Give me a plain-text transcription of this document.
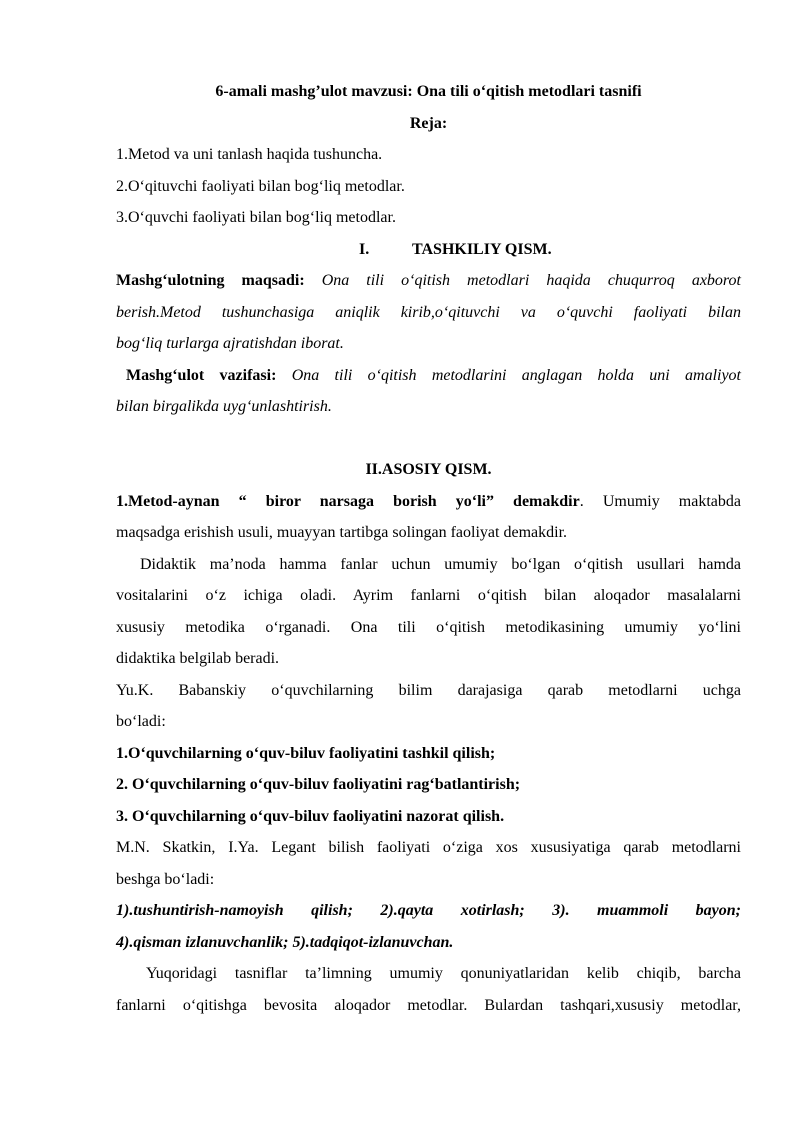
6-amali mashg’ulot mavzusi: Ona tili o‘qitish metodlari tasnifi
Reja:
1.Metod va uni tanlash haqida tushuncha.
2.O‘qituvchi faoliyati bilan bog‘liq metodlar.
3.O‘quvchi faoliyati bilan bog‘liq metodlar.
I.	TASHKILIY QISM.
Mashg‘ulotning maqsadi: Ona tili o‘qitish metodlari haqida chuqurroq axborot
berish.Metod tushunchasiga aniqlik kirib,o‘qituvchi va o‘quvchi faoliyati bilan
bog‘liq turlarga ajratishdan iborat.
Mashg‘ulot vazifasi: Ona tili o‘qitish metodlarini anglagan holda uni amaliyot
bilan birgalikda uyg‘unlashtirish.
II.ASOSIY QISM.
1.Metod-aynan “ biror narsaga borish yo‘li” demakdir. Umumiy maktabda
maqsadga erishish usuli, muayyan tartibga solingan faoliyat demakdir.
Didaktik ma’noda hamma fanlar uchun umumiy bo‘lgan o‘qitish usullari hamda
vositalarini o‘z ichiga oladi. Ayrim fanlarni o‘qitish bilan aloqador masalalarni
xususiy metodika o‘rganadi. Ona tili o‘qitish metodikasining umumiy yo‘lini
didaktika belgilab beradi.
Yu.K. Babanskiy o‘quvchilarning bilim darajasiga qarab metodlarni uchga
bo‘ladi:
1.O‘quvchilarning o‘quv-biluv faoliyatini tashkil qilish;
2. O‘quvchilarning o‘quv-biluv faoliyatini rag‘batlantirish;
3. O‘quvchilarning o‘quv-biluv faoliyatini nazorat qilish.
M.N. Skatkin, I.Ya. Legant bilish faoliyati o‘ziga xos xususiyatiga qarab metodlarni
beshga bo‘ladi:
1).tushuntirish-namoyish qilish; 2).qayta xotirlash; 3). muammoli bayon;
4).qisman izlanuvchanlik; 5).tadqiqot-izlanuvchan.
Yuqoridagi tasniflar ta’limning umumiy qonuniyatlaridan kelib chiqib, barcha
fanlarni o‘qitishga bevosita aloqador metodlar. Bulardan tashqari,xususiy metodlar,
